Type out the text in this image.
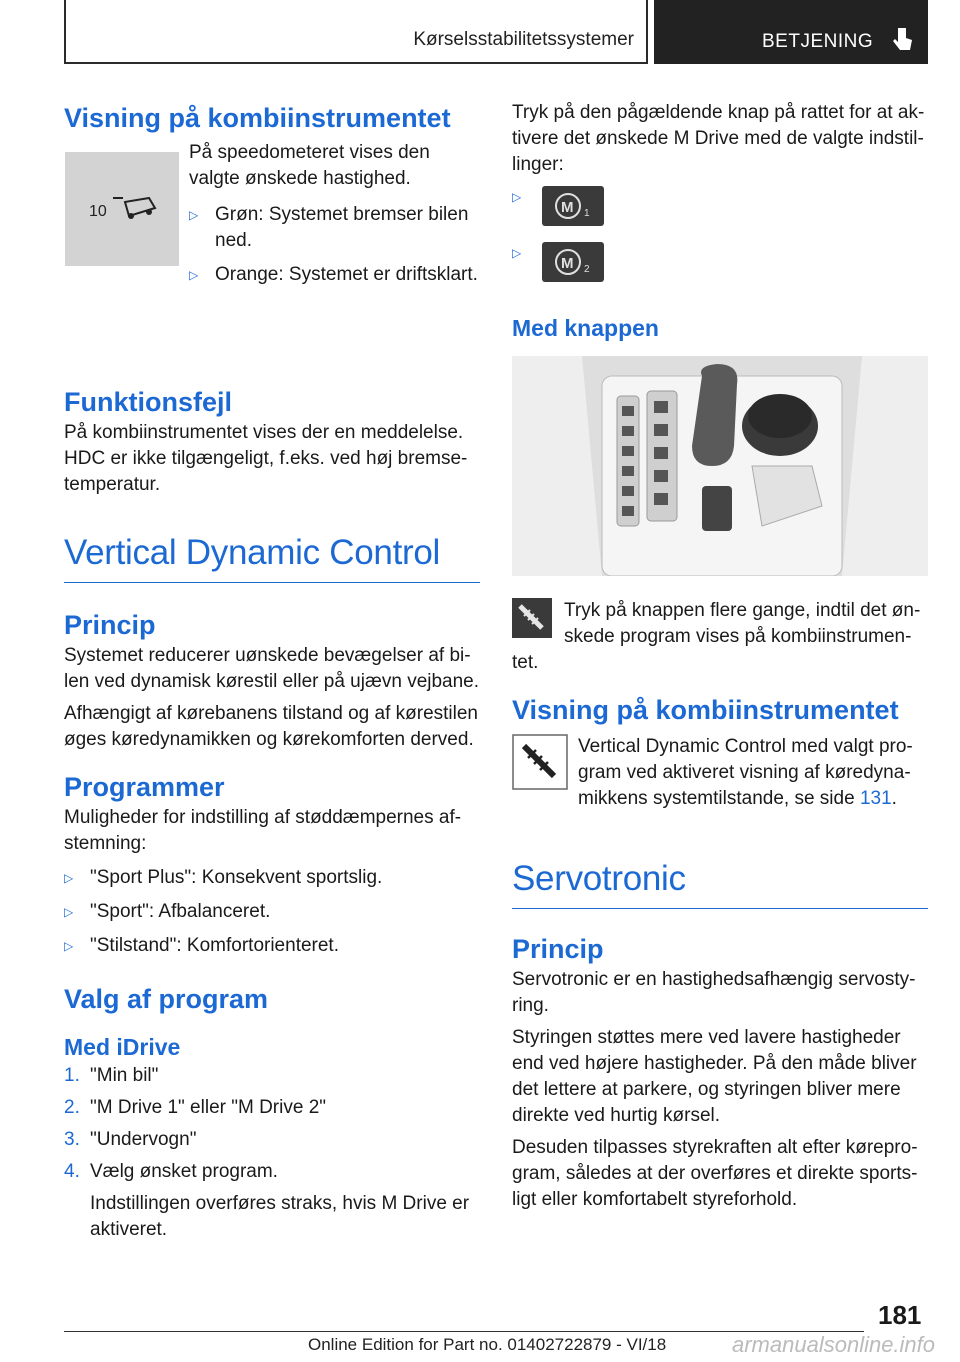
Kørselsstabilitetssystemer	BETJENING
Visning på kombiinstrumentet
10

På speedometeret vises den valgte ønskede hastighed.

▷ Grøn: Systemet bremser bilen ned.
▷ Orange: Systemet er driftsklart.
Funktionsfejl

På kombiinstrumentet vises der en meddelelse. HDC er ikke tilgængeligt, f.eks. ved høj bremsetemperatur.

Vertical Dynamic Control
Princip

Systemet reducerer uønskede bevægelser af bilen ved dynamisk kørestil eller på ujævn vejbane.

Afhængigt af kørebanens tilstand og af kørestilen øges køredynamikken og kørekomforten derved.

Programmer

Muligheder for indstilling af støddæmpernes afstemning:

▷ "Sport Plus": Konsekvent sportslig.
▷ "Sport": Afbalanceret.
▷ "Stilstand": Komfortorienteret.
Valg af program
Med iDrive
1. "Min bil"
2. "M Drive 1" eller "M Drive 2"
3. "Undervogn"
4. Vælg ønsket program.

Indstillingen overføres straks, hvis M Drive er aktiveret.

Tryk på den pågældende knap på rattet for at aktivere det ønskede M Drive med de valgte indstillinger:

▷
M 1
▷
M 2
Med knappen

Tryk på knappen flere gange, indtil det ønskede program vises på kombiinstrumentet.

Visning på kombiinstrumentet

Vertical Dynamic Control med valgt program ved aktiveret visning af køredynamikkens systemtilstande, se side 131.

Servotronic
Princip

Servotronic er en hastighedsafhængig servostyring.

Styringen støttes mere ved lavere hastigheder end ved højere hastigheder. På den måde bliver det lettere at parkere, og styringen bliver mere direkte ved hurtig kørsel.

Desuden tilpasses styrekraften alt efter køreprogram, således at der overføres et direkte sportsligt eller komfortabelt styreforhold.

181
Online Edition for Part no. 01402722879 - VI/18	armanualsonline.info
